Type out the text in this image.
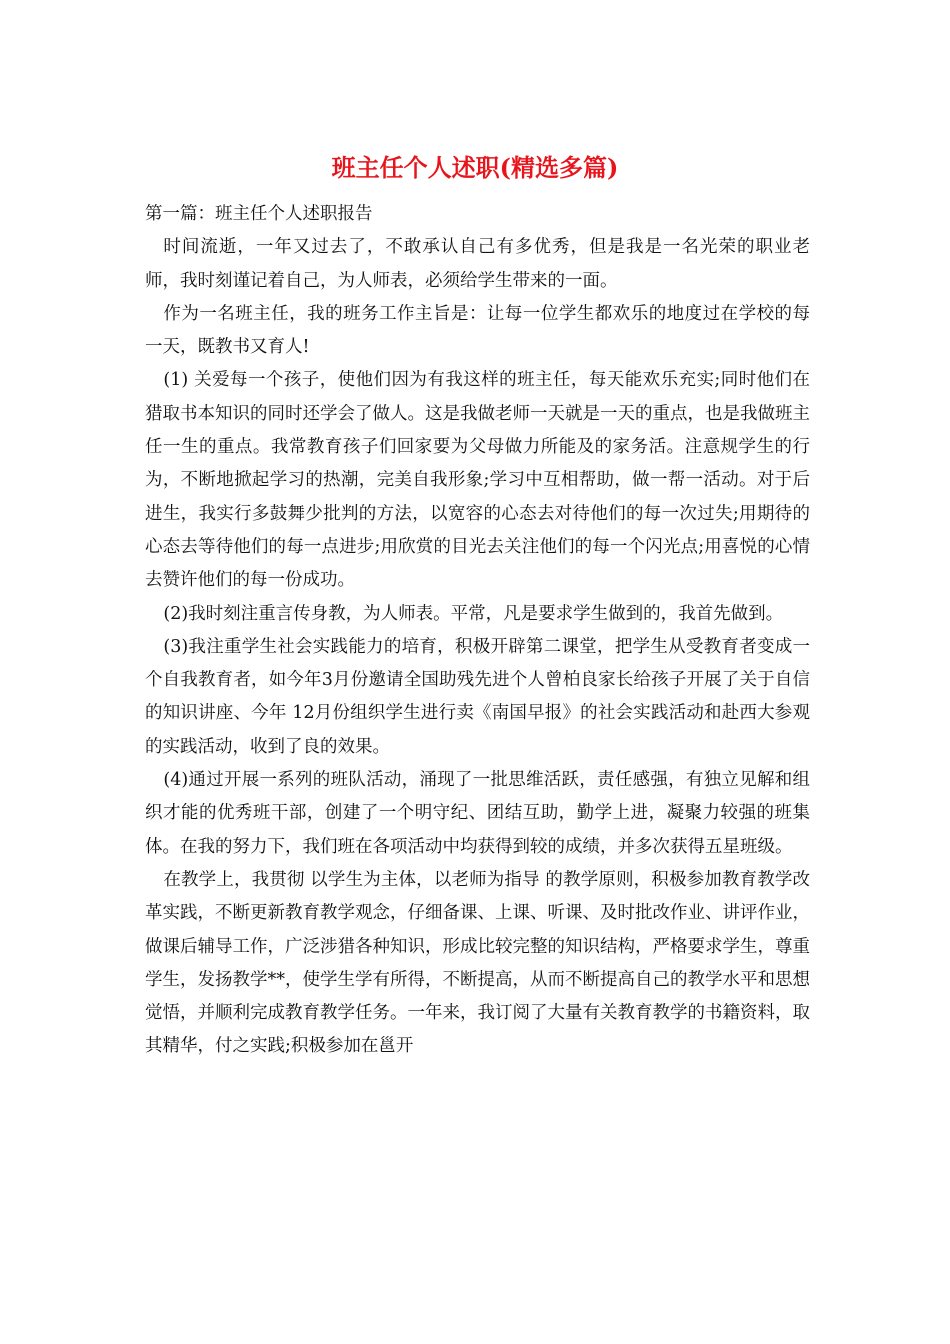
班主任个人述职(精选多篇)

第一篇：班主任个人述职报告

时间流逝，一年又过去了，不敢承认自己有多优秀，但是我是一名光荣的职业老师，我时刻谨记着自己，为人师表，必须给学生带来的一面。

作为一名班主任，我的班务工作主旨是：让每一位学生都欢乐的地度过在学校的每一天，既教书又育人!

(1) 关爱每一个孩子，使他们因为有我这样的班主任，每天能欢乐充实;同时他们在猎取书本知识的同时还学会了做人。这是我做老师一天就是一天的重点，也是我做班主任一生的重点。我常教育孩子们回家要为父母做力所能及的家务活。注意规学生的行为，不断地掀起学习的热潮，完美自我形象;学习中互相帮助，做一帮一活动。对于后进生，我实行多鼓舞少批判的方法，以宽容的心态去对待他们的每一次过失;用期待的心态去等待他们的每一点进步;用欣赏的目光去关注他们的每一个闪光点;用喜悦的心情去赞许他们的每一份成功。

(2)我时刻注重言传身教，为人师表。平常，凡是要求学生做到的，我首先做到。

(3)我注重学生社会实践能力的培育，积极开辟第二课堂，把学生从受教育者变成一个自我教育者，如今年3月份邀请全国助残先进个人曾柏良家长给孩子开展了关于自信的知识讲座、今年 12月份组织学生进行卖《南国早报》的社会实践活动和赴西大参观的实践活动，收到了良的效果。

(4)通过开展一系列的班队活动，涌现了一批思维活跃，责任感强，有独立见解和组织才能的优秀班干部，创建了一个明守纪、团结互助，勤学上进，凝聚力较强的班集体。在我的努力下，我们班在各项活动中均获得到较的成绩，并多次获得五星班级。

在教学上，我贯彻 以学生为主体，以老师为指导 的教学原则，积极参加教育教学改革实践，不断更新教育教学观念，仔细备课、上课、听课、及时批改作业、讲评作业，做课后辅导工作，广泛涉猎各种知识，形成比较完整的知识结构，严格要求学生，尊重学生，发扬教学**，使学生学有所得，不断提高，从而不断提高自己的教学水平和思想觉悟，并顺利完成教育教学任务。一年来，我订阅了大量有关教育教学的书籍资料，取其精华，付之实践;积极参加在邕开
